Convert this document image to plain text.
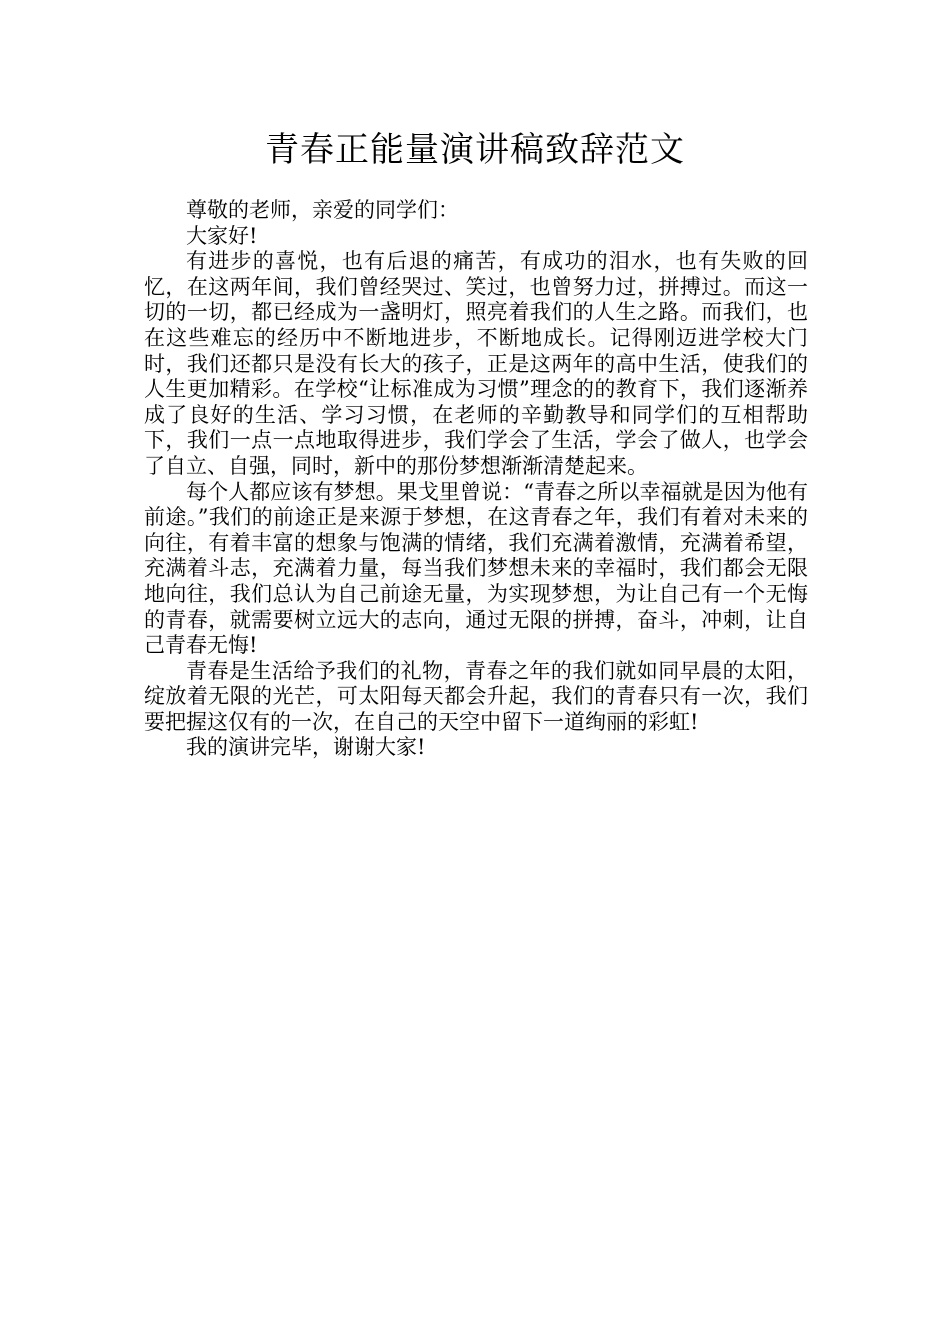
青春正能量演讲稿致辞范文

尊敬的老师，亲爱的同学们：

大家好!

有进步的喜悦，也有后退的痛苦，有成功的泪水，也有失败的回忆，在这两年间，我们曾经哭过、笑过，也曾努力过，拼搏过。而这一切的一切，都已经成为一盏明灯，照亮着我们的人生之路。而我们，也在这些难忘的经历中不断地进步，不断地成长。记得刚迈进学校大门时，我们还都只是没有长大的孩子，正是这两年的高中生活，使我们的人生更加精彩。在学校“让标准成为习惯”理念的的教育下，我们逐渐养成了良好的生活、学习习惯，在老师的辛勤教导和同学们的互相帮助下，我们一点一点地取得进步，我们学会了生活，学会了做人，也学会了自立、自强，同时，新中的那份梦想渐渐清楚起来。

每个人都应该有梦想。果戈里曾说：“青春之所以幸福就是因为他有前途。”我们的前途正是来源于梦想，在这青春之年，我们有着对未来的向往，有着丰富的想象与饱满的情绪，我们充满着激情，充满着希望，充满着斗志，充满着力量，每当我们梦想未来的幸福时，我们都会无限地向往，我们总认为自己前途无量，为实现梦想，为让自己有一个无悔的青春，就需要树立远大的志向，通过无限的拼搏，奋斗，冲刺，让自己青春无悔!

青春是生活给予我们的礼物，青春之年的我们就如同早晨的太阳，绽放着无限的光芒，可太阳每天都会升起，我们的青春只有一次，我们要把握这仅有的一次，在自己的天空中留下一道绚丽的彩虹!

我的演讲完毕，谢谢大家!
